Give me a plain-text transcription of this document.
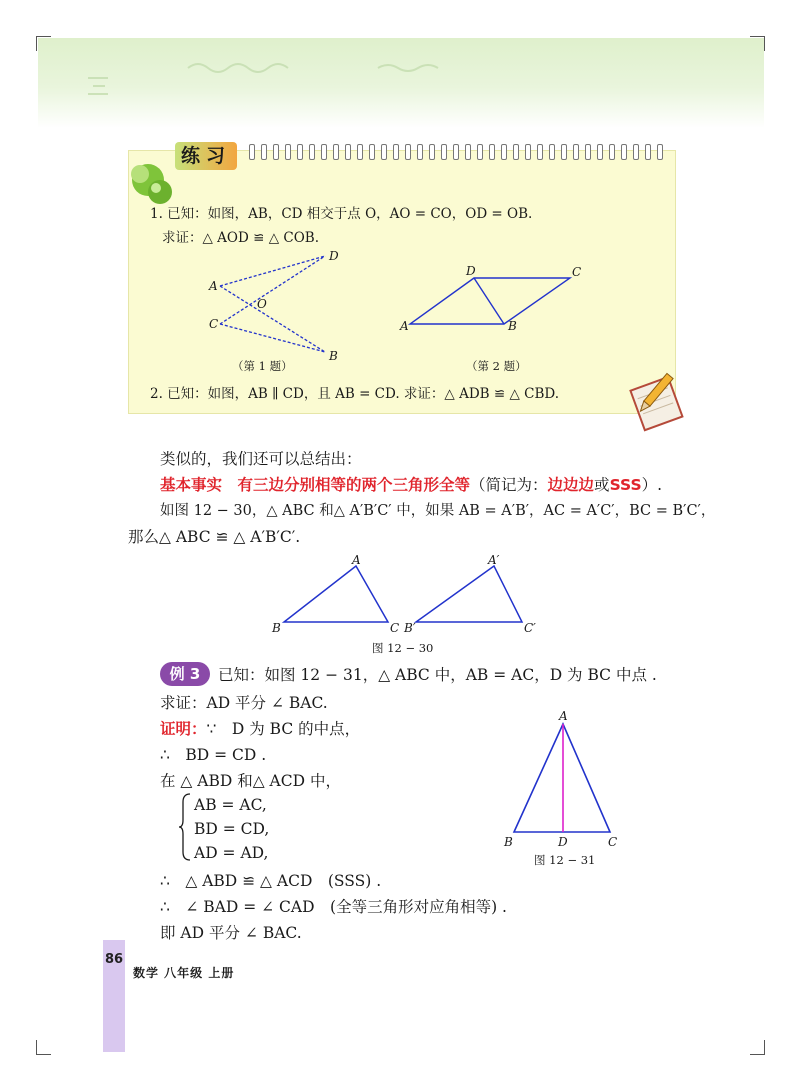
练习
1. 已知：如图，AB，CD 相交于点 O，AO = CO，OD = OB.
求证：△ AOD ≌ △ COB.
A
C
O
D
B
（第 1 题）
D	C
A	B
（第 2 题）
2. 已知：如图，AB ∥ CD，且 AB = CD. 求证：△ ADB ≌ △ CBD.
类似的，我们还可以总结出：
基本事实　有三边分别相等的两个三角形全等（简记为：边边边或SSS）.
如图 12 − 30，△ ABC 和△ A′B′C′ 中，如果 AB = A′B′，AC = A′C′，BC = B′C′，
那么△ ABC ≌ △ A′B′C′.
A
B	C
A′
B′	C′
图 12 − 30
例 3	已知：如图 12 − 31，△ ABC 中，AB = AC，D 为 BC 中点 .
求证：AD 平分 ∠ BAC.
证明：∵　D 为 BC 的中点，
∴　BD = CD .
在 △ ABD 和△ ACD 中，
AB = AC,
BD = CD,
AD = AD,
∴　△ ABD ≌ △ ACD　(SSS) .
∴　∠ BAD = ∠ CAD　(全等三角形对应角相等) .
即 AD 平分 ∠ BAC.
A
B	D	C
图 12 − 31
86
数学 八年级 上册
